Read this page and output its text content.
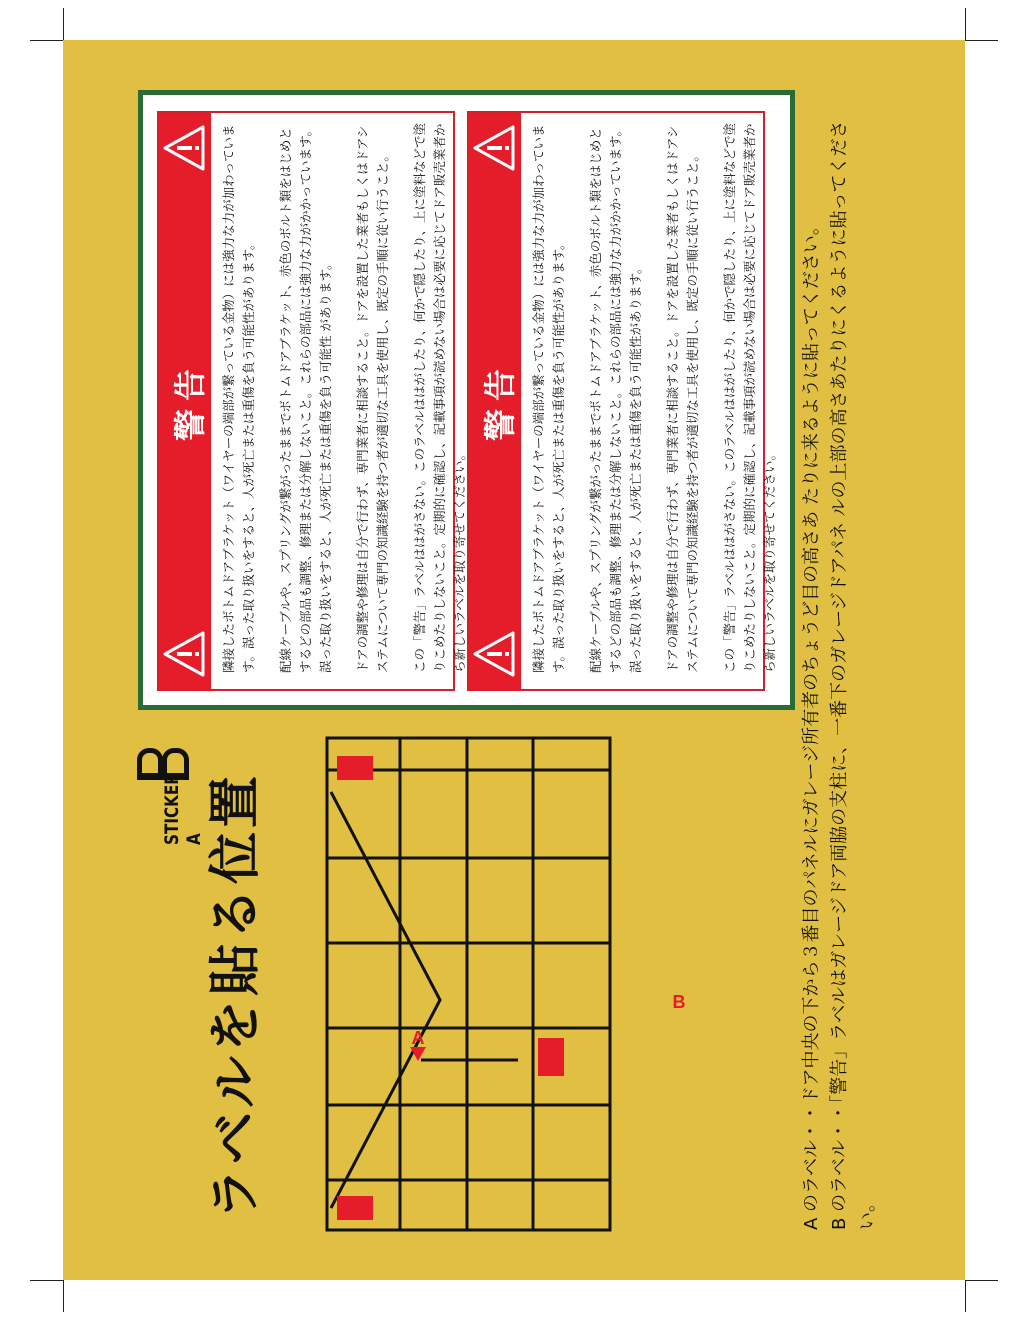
ラベルを貼る位置
STICKER A
A
B	A のラベル・・ドア中央の下から３番目のパネルにガレージ所有者のちょうど目の高さあ たりに来るように貼ってください。 B のラベル・・「警告」ラベルはガレージドア両脇の支柱に、一番下のガレージドアパネ ルの上部の高さあたりにくるように貼ってください。

警告 隣接したボトムドアブラケット（ワイヤーの端部が繋っている金物）には強力な力が加わっています。誤った取り扱いをすると、人が死亡または重傷を負う可能性があります。 配線ケーブルや、スプリングが繋がったままでボトムドアブラケット、赤色のボルト類をはじめとするどの部品も調整、修理または分解しないこと。これらの部品には強力な力がかかっています。誤った取り扱いをすると、人が死亡または重傷を負う可能性 があります。 ドアの調整や修理は自分で行わず、専門業者に相談すること。ドアを設置した業者もしくはドアシステムについて専門の知識経験を持つ者が適切な工具を使用し、既定の手順に従い行うこと。 この「警告」ラベルははがさない。このラベルははがしたり、何かで隠したり、上に塗料などで塗りこめたりしないこと。定期的に確認し、記載事項が読めない場合は必要に応じてドア販売業者から新しいラベルを取り寄せてください。

警告 隣接したボトムドアブラケット（ワイヤーの端部が繋っている金物）には強力な力が加わっています。誤った取り扱いをすると、人が死亡または重傷を負う可能性があります。 配線ケーブルや、スプリングが繋がったままでボトムドアブラケット、赤色のボルト類をはじめとするどの部品も調整、修理または分解しないこと。これらの部品には強力な力がかかっています。誤った取り扱いをすると、人が死亡または重傷を負う可能性があります。 ドアの調整や修理は自分で行わず、専門業者に相談すること。ドアを設置した業者もしくはドアシステムについて専門の知識経験を持つ者が適切な工具を使用し、既定の手順に従い行うこと。 この「警告」ラベルははがさない。このラベルははがしたり、何かで隠したり、上に塗料などで塗りこめたりしないこと。定期的に確認し、記載事項が読めない場合は必要に応じてドア販売業者から新しいラベルを取り寄せてください。
